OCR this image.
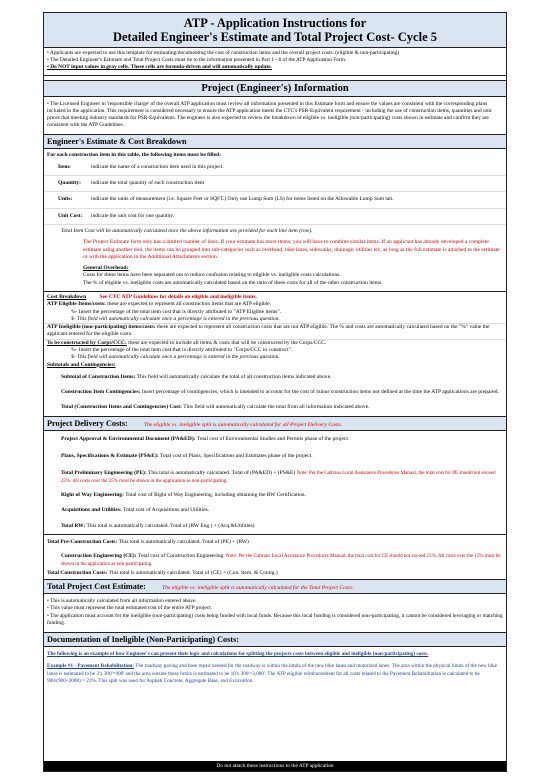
ATP - Application Instructions for
Detailed Engineer's Estimate and Total Project Cost- Cycle 5
• Applicants are expected to use this template for estimating/documenting the cost of construction items and the overall project costs. (eligible & non-participating)
• The Detailed Engineer's Estimate and Total Project Costs must tie to the information presented in Part 1 - 8 of the ATP Application Form.
• Do NOT input values in gray cells. These cells are formula-driven and will automatically update.
Project (Engineer's) Information
• The Licensed Engineer in 'responsible charge' of the overall ATP application must review all information presented in this Estimate form and ensure the values are consistent with the corresponding plans included in the application. This requirement is considered necessary to ensure the ATP application meets the CTC's PSR-Equivalent requirement - including the use of construction items, quantities and unit prices that meeting industry standards for PSR-Equivalents. The engineer is also expected to review the breakdown of eligible vs. ineligible (non-participating) costs shown in estimate and confirm they are consistent with the ATP Guidelines.
Engineer's Estimate & Cost Breakdown
For each construction item in this table, the following items must be filled:
Item:	indicate the name of a construction item used in this project.
Quantity:	indicate the total quantity of each construction item
Units:	indicate the units of measurement (i.e. Square Feet or SQFT.) Only use Lump Sum (LS) for items listed on the Allowable Lump Sum tab.
Unit Cost:	indicate the unit cost for one quantity.
Total Item Cost will be automatically calculated once the above information are provided for each line item (row).
The Project Estimate form only has a limited number of lines. If your estimate has more items; you will have to combine similar items. If an applicant has already developed a complete estimate using another tool, the items can be grouped into sub-categories such as overhead, bike lanes, sidewalks, drainage, utilities etc, as long as the full estimate is attached to the estimate or with the application in the Additional Attachments section.
General Overhead:
Costs for these items have been separated out to reduce confusion relating to eligible vs. ineligible costs calculations.
The % of eligible vs. ineligible costs are automatically calculated based on the ratio of these costs for all of the other construction items.
Cost Breakdown See CTC ATP Guidelines for details on eligible and ineligible items.
ATP Eligible Items/costs: these are expected to represent all construction items that are ATP eligible.
%- Insert the percentage of the total item cost that is directly attributed to "ATP Eligible items".
$- This field will automatically calculate once a percentage is entered in the previous question.
ATP Ineligible (non-participating) items/costs: these are expected to represent all construction costs that are not ATP eligible. The % and costs are automatically calculated based on the "%" value the applicant entered for the eligible costs.
To be constructed by Corps/CCC: these are expected to include all items & costs that will be constructed by the Corps/CCC.
%- Insert the percentage of the total item cost that is directly attributed to "Corps/CCC to construct".
$- This field will automatically calculate once a percentage is entered in the previous question.
Subtotals and Contingencies:
Subtotal of Construction Items: This field will automatically calculate the total of all construction items indicated above.
Construction Item Contingencies: Insert percentage of contingencies, which is intended to account for the cost of minor construction items not defined at the time the ATP applications are prepared.
Total (Construction Items and Contingencies) Cost: This field will automatically calculate the total from all information indicated above.
Project Delivery Costs:	The eligible vs. ineligible split is automatically calculated for all Project Delivery Costs.
Project Approval & Environmental Document (PA&ED): Total cost of Environmental Studies and Permits phase of the project.
Plans, Specifications & Estimate (PS&E): Total cost of Plans, Specifications and Estimates phase of the project.
Total Preliminary Engineering (PE): This total is automatically calculated. Total of (PA&ED) + (PS&E) Note: Per the Caltrans Local Assistance Procedures Manual, the total cost for PE should not exceed 25%. All costs over the 25% must be shown in the application as non-participating.
Right of Way Engineering: Total cost of Right of Way Engineering, including obtaining the RW Certification.
Acquisitions and Utilities: Total cost of Acquisitions and Utilities.
Total RW: This total is automatically calculated. Total of (RW Eng.) + (Acq.&Utilities)
Total Pre-Construction Costs: This total is automatically calculated. Total of (PE) + (RW)
Construction Engineering (CE): Total cost of Construction Engineering. Note: Per the Caltrans Local Assistance Procedures Manual, the total cost for CE should not exceed 15%. All costs over the 15% must be shown in the application as non-participating.
Total Construction Costs: This total is automatically calculated. Total of (CE) + (Con. Item. & Contig.)
Total Project Cost Estimate:	The eligible vs. ineligible split is automatically calculated for the Total Project Costs.
• This is automatically calculated from all information entered above.
• This value must represent the total estimated cost of the entire ATP project.
• The application must account for the ineligible (non-participating) costs being funded with local funds. Because this local funding is considered non-participating, it cannot be considered leveraging or matching funding.
Documentation of Ineligible (Non-Participating) Costs:
The following is an example of how Engineer's can present their logic and calculations for splitting the projects costs between eligible and ineligible (non-participating) costs.
Example #1 - Pavement Rehabilitation: The roadway paving and base repair needed for the roadway is within the limits of the new bike lanes and motorized lanes. The area within the physical limits of the new bike lanes is estimated to be 3'x 300'=900' and the area outside these limits is estimated to be 10'x 300'=3,000'. The ATP eligible reimbursement for all costs related to the Pavement Rehabilitation is calculated to be 900/(900+3000) = 23%. This split was used for Asphalt Concrete, Aggregate Base, and Excavation.
Do not attach these instructions to the ATP application
